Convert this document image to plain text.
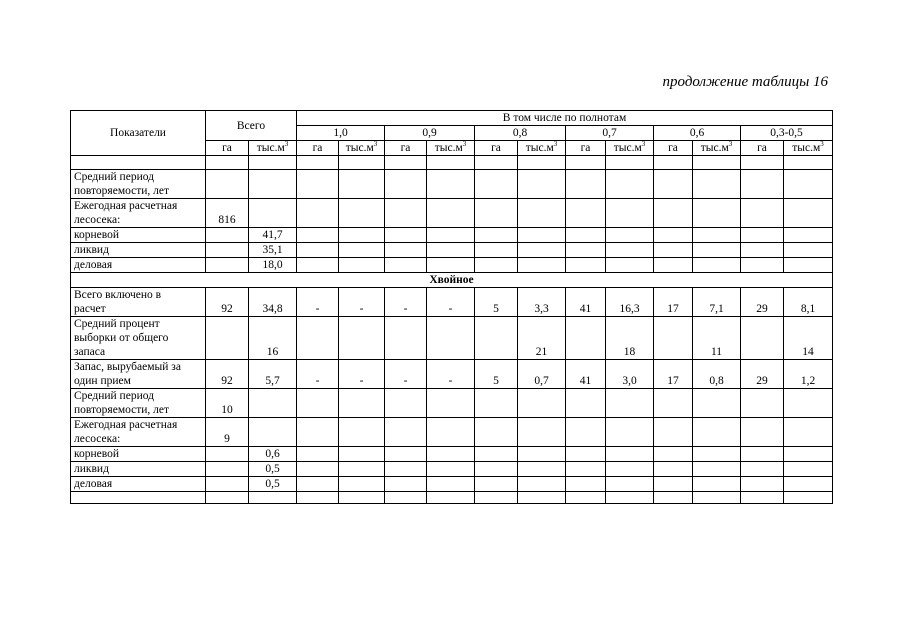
продолжение таблицы 16
Показатели	Всего		В том числе по полнотам											
			1,0		0,9		0,8		0,7		0,6		0,3-0,5	
	га	$тыс.м^3$	га	$тыс.м^3$	га	$тыс.м^3$	га	$тыс.м^3$	га	$тыс.м^3$	га	$тыс.м^3$	га	$тыс.м^3$

Средний период
повторяемости, лет														

Ежегодная расчетная
лесосека:	816													

корневой		41,7												

ликвид		35,1												

деловая		18,0												
Хвойное														

Всего включено в
расчет	92	34,8	-	-	-	-	5	3,3	41	16,3	17	7,1	29	8,1

Средний процент
выборки от общего
запаса		16						21		18		11		14

Запас, вырубаемый за
один прием	92	5,7	-	-	-	-	5	0,7	41	3,0	17	0,8	29	1,2

Средний период
повторяемости, лет	10													

Ежегодная расчетная
лесосека:	9													

корневой		0,6												

ликвид		0,5												

деловая		0,5												
